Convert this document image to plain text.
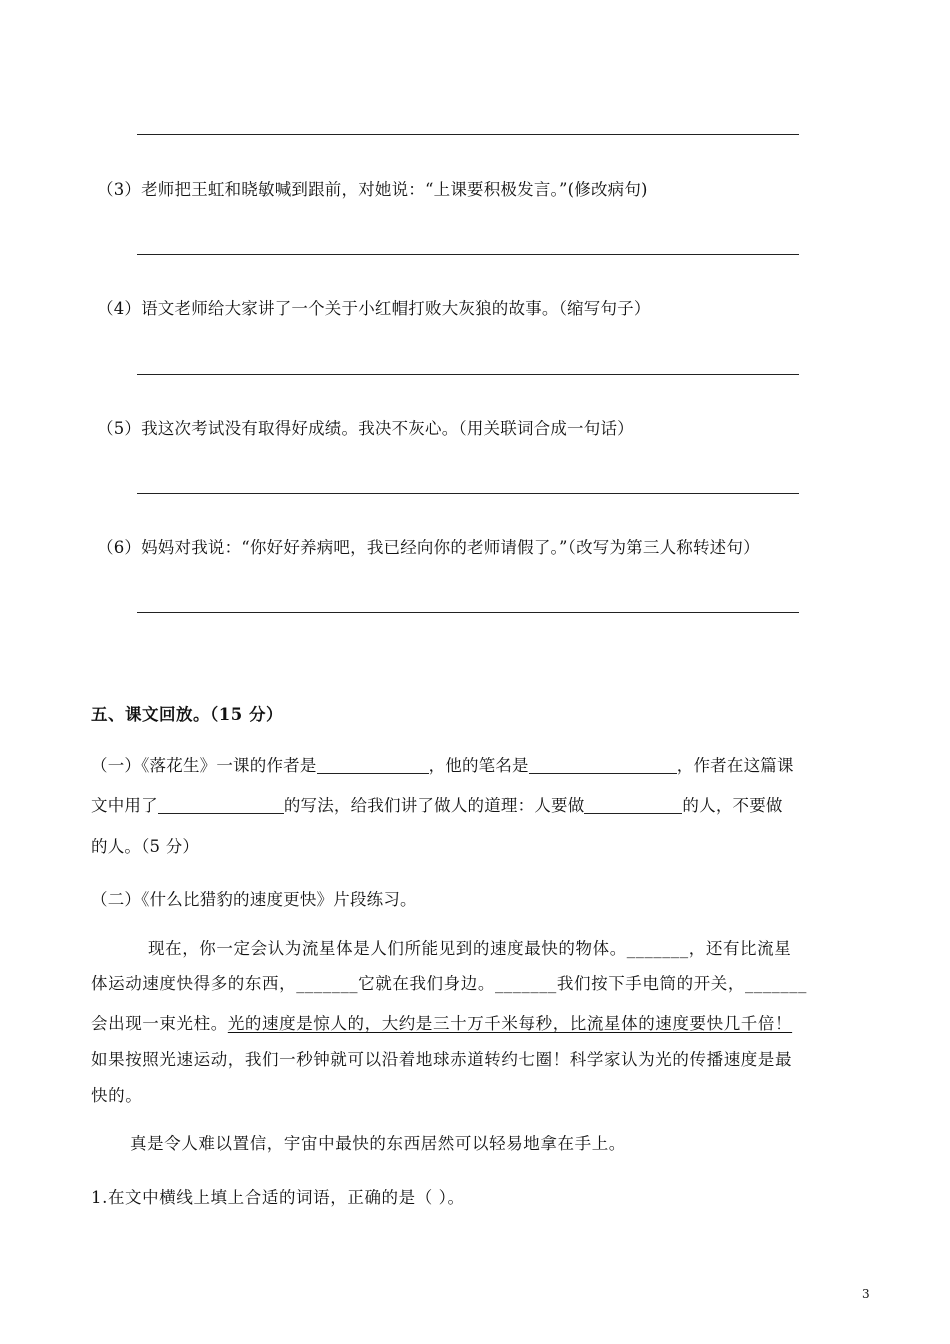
（3）老师把王虹和晓敏喊到跟前，对她说：“上课要积极发言。”(修改病句)
（4）语文老师给大家讲了一个关于小红帽打败大灰狼的故事。（缩写句子）
（5）我这次考试没有取得好成绩。我决不灰心。（用关联词合成一句话）
（6）妈妈对我说：“你好好养病吧，我已经向你的老师请假了。”（改写为第三人称转述句）
五、课文回放。（15 分）
（一）《落花生》一课的作者是	，他的笔名是	，作者在这篇课
文中用了	的写法，给我们讲了做人的道理：人要做	的人，不要做
的人。（5 分）
（二）《什么比猎豹的速度更快》片段练习。
现在，你一定会认为流星体是人们所能见到的速度最快的物体。_______，还有比流星
体运动速度快得多的东西，_______它就在我们身边。_______我们按下手电筒的开关，_______
会出现一束光柱。光的速度是惊人的，大约是三十万千米每秒，比流星体的速度要快几千倍！
如果按照光速运动，我们一秒钟就可以沿着地球赤道转约七圈！科学家认为光的传播速度是最
快的。
真是令人难以置信，宇宙中最快的东西居然可以轻易地拿在手上。
1.在文中横线上填上合适的词语，正确的是（ ）。
3
